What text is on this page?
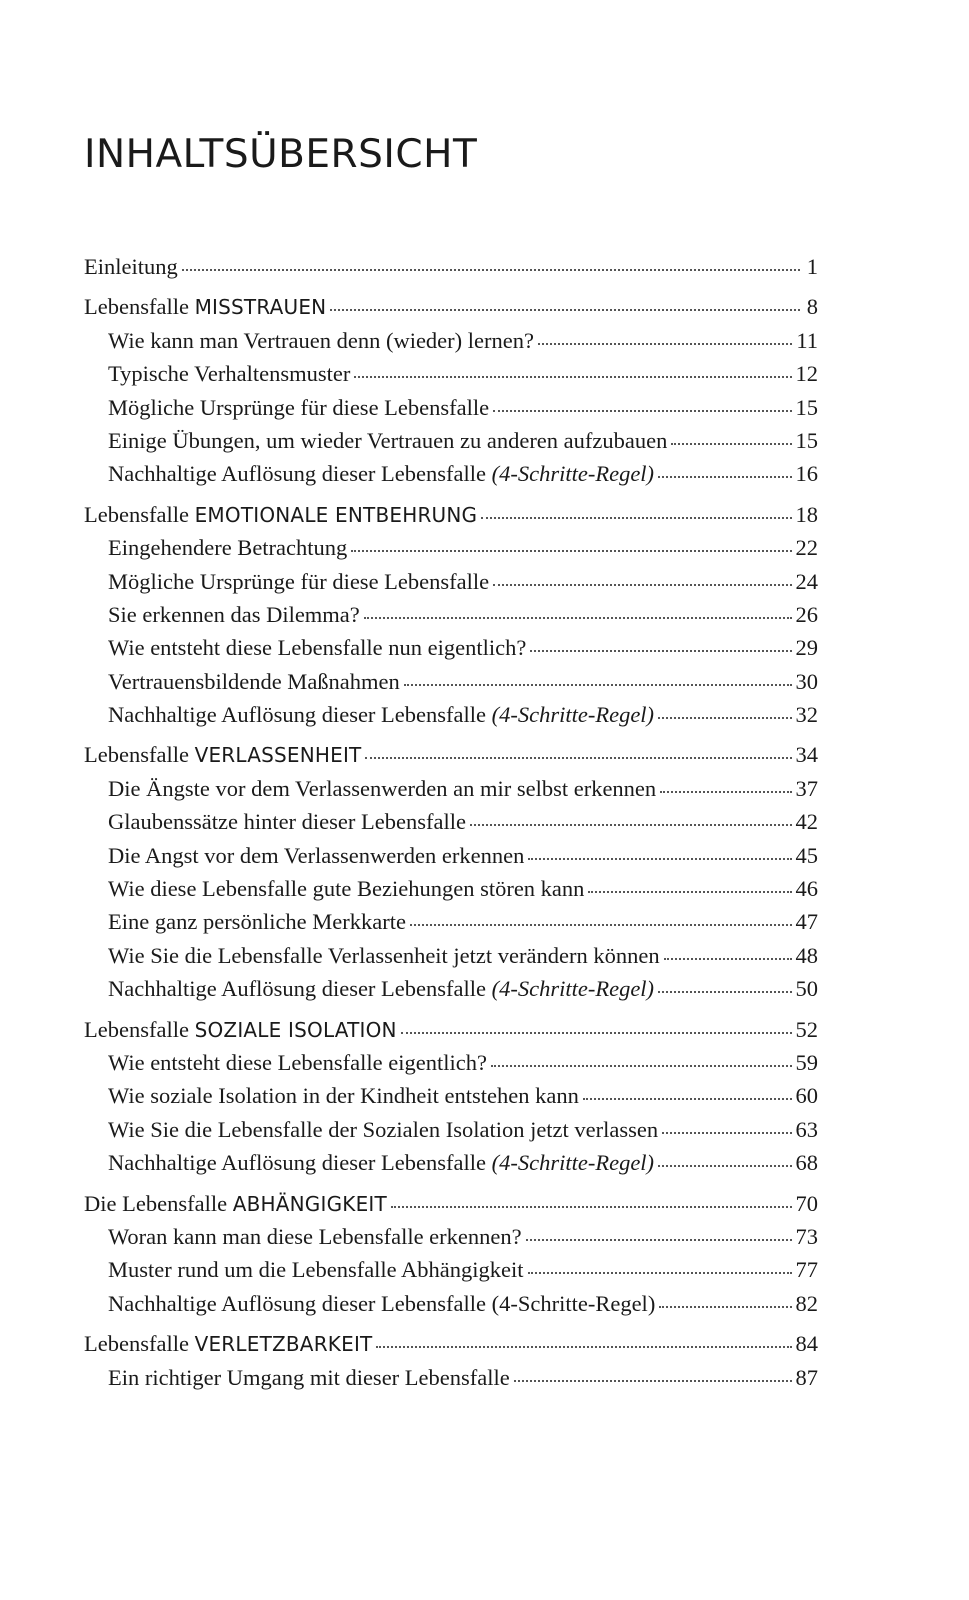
INHALTSÜBERSICHT
Einleitung	1
Lebensfalle MISSTRAUEN	8
Wie kann man Vertrauen denn (wieder) lernen?	11
Typische Verhaltensmuster	12
Mögliche Ursprünge für diese Lebensfalle	15
Einige Übungen, um wieder Vertrauen zu anderen aufzubauen	15
Nachhaltige Auflösung dieser Lebensfalle (4-Schritte-Regel)	16
Lebensfalle EMOTIONALE ENTBEHRUNG	18
Eingehendere Betrachtung	22
Mögliche Ursprünge für diese Lebensfalle	24
Sie erkennen das Dilemma?	26
Wie entsteht diese Lebensfalle nun eigentlich?	29
Vertrauensbildende Maßnahmen	30
Nachhaltige Auflösung dieser Lebensfalle (4-Schritte-Regel)	32
Lebensfalle VERLASSENHEIT	34
Die Ängste vor dem Verlassenwerden an mir selbst erkennen	37
Glaubenssätze hinter dieser Lebensfalle	42
Die Angst vor dem Verlassenwerden erkennen	45
Wie diese Lebensfalle gute Beziehungen stören kann	46
Eine ganz persönliche Merkkarte	47
Wie Sie die Lebensfalle Verlassenheit jetzt verändern können	48
Nachhaltige Auflösung dieser Lebensfalle (4-Schritte-Regel)	50
Lebensfalle SOZIALE ISOLATION	52
Wie entsteht diese Lebensfalle eigentlich?	59
Wie soziale Isolation in der Kindheit entstehen kann	60
Wie Sie die Lebensfalle der Sozialen Isolation jetzt verlassen	63
Nachhaltige Auflösung dieser Lebensfalle (4-Schritte-Regel)	68
Die Lebensfalle ABHÄNGIGKEIT	70
Woran kann man diese Lebensfalle erkennen?	73
Muster rund um die Lebensfalle Abhängigkeit	77
Nachhaltige Auflösung dieser Lebensfalle (4-Schritte-Regel)	82
Lebensfalle VERLETZBARKEIT	84
Ein richtiger Umgang mit dieser Lebensfalle	87
